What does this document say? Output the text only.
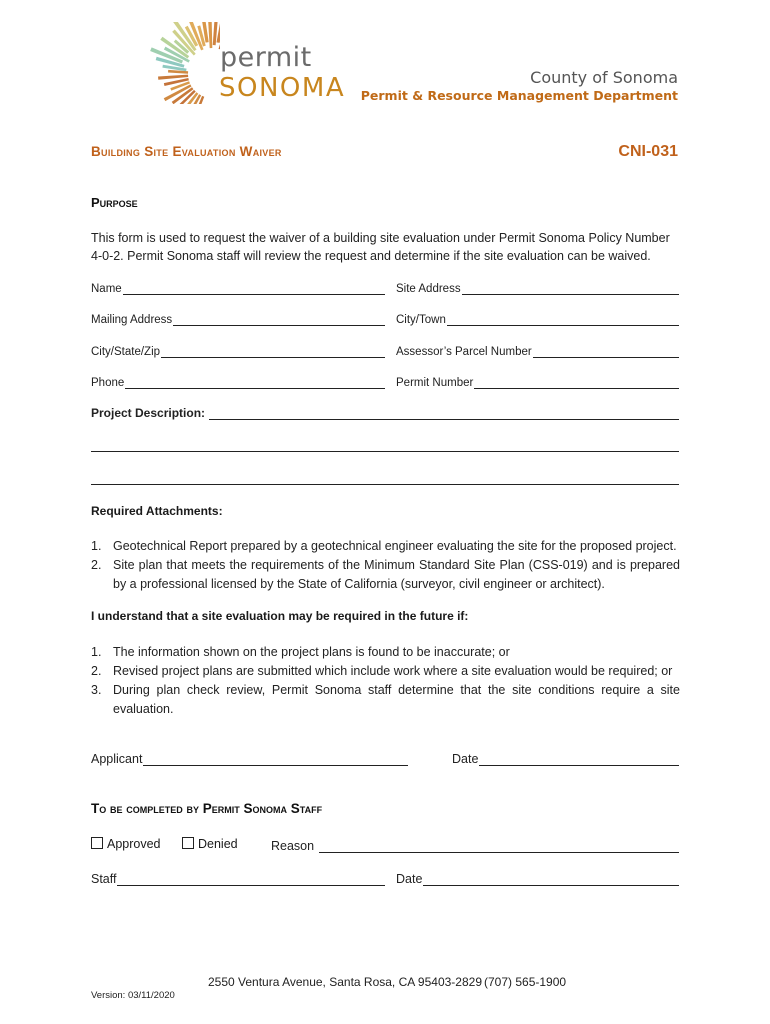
permit
SONOMA	County of Sonoma
Permit & Resource Management Department
Building Site Evaluation Waiver	CNI-031
Purpose
This form is used to request the waiver of a building site evaluation under Permit Sonoma Policy Number 4-0-2. Permit Sonoma staff will review the request and determine if the site evaluation can be waived.
Name	Site Address
Mailing Address	City/Town
City/State/Zip	Assessor’s Parcel Number
Phone	Permit Number
Project Description:
Required Attachments:
1. Geotechnical Report prepared by a geotechnical engineer evaluating the site for the proposed project.
2. Site plan that meets the requirements of the Minimum Standard Site Plan (CSS-019) and is prepared by a professional licensed by the State of California (surveyor, civil engineer or architect).
I understand that a site evaluation may be required in the future if:
1. The information shown on the project plans is found to be inaccurate; or
2. Revised project plans are submitted which include work where a site evaluation would be required; or
3. During plan check review, Permit Sonoma staff determine that the site conditions require a site evaluation.
Applicant	Date
To be completed by Permit Sonoma Staff
Approved	Denied	Reason
Staff	Date
2550 Ventura Avenue, Santa Rosa, CA 95403-2829 (707) 565-1900
Version: 03/11/2020
